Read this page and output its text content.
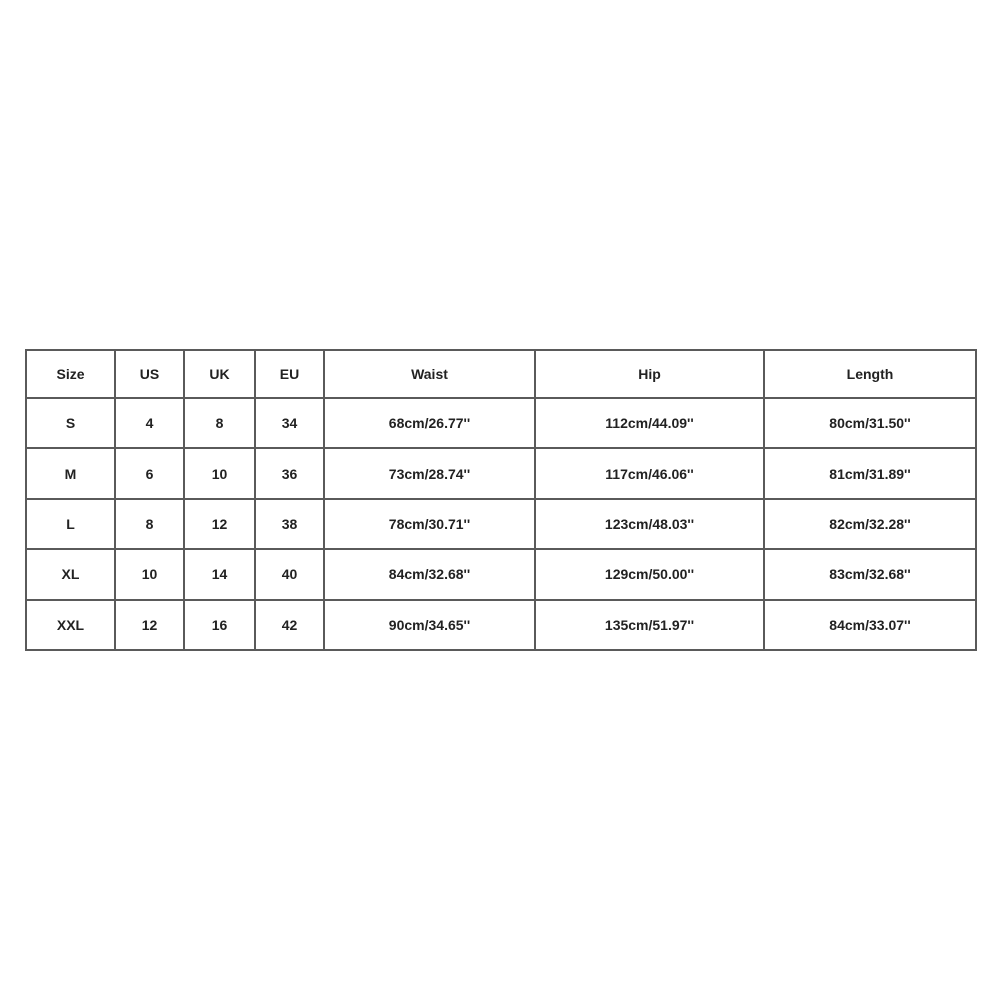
Size	US	UK	EU	Waist	Hip	Length
S	4	8	34	68cm/26.77''	112cm/44.09''	80cm/31.50''
M	6	10	36	73cm/28.74''	117cm/46.06''	81cm/31.89''
L	8	12	38	78cm/30.71''	123cm/48.03''	82cm/32.28''
XL	10	14	40	84cm/32.68''	129cm/50.00''	83cm/32.68''
XXL	12	16	42	90cm/34.65''	135cm/51.97''	84cm/33.07''
